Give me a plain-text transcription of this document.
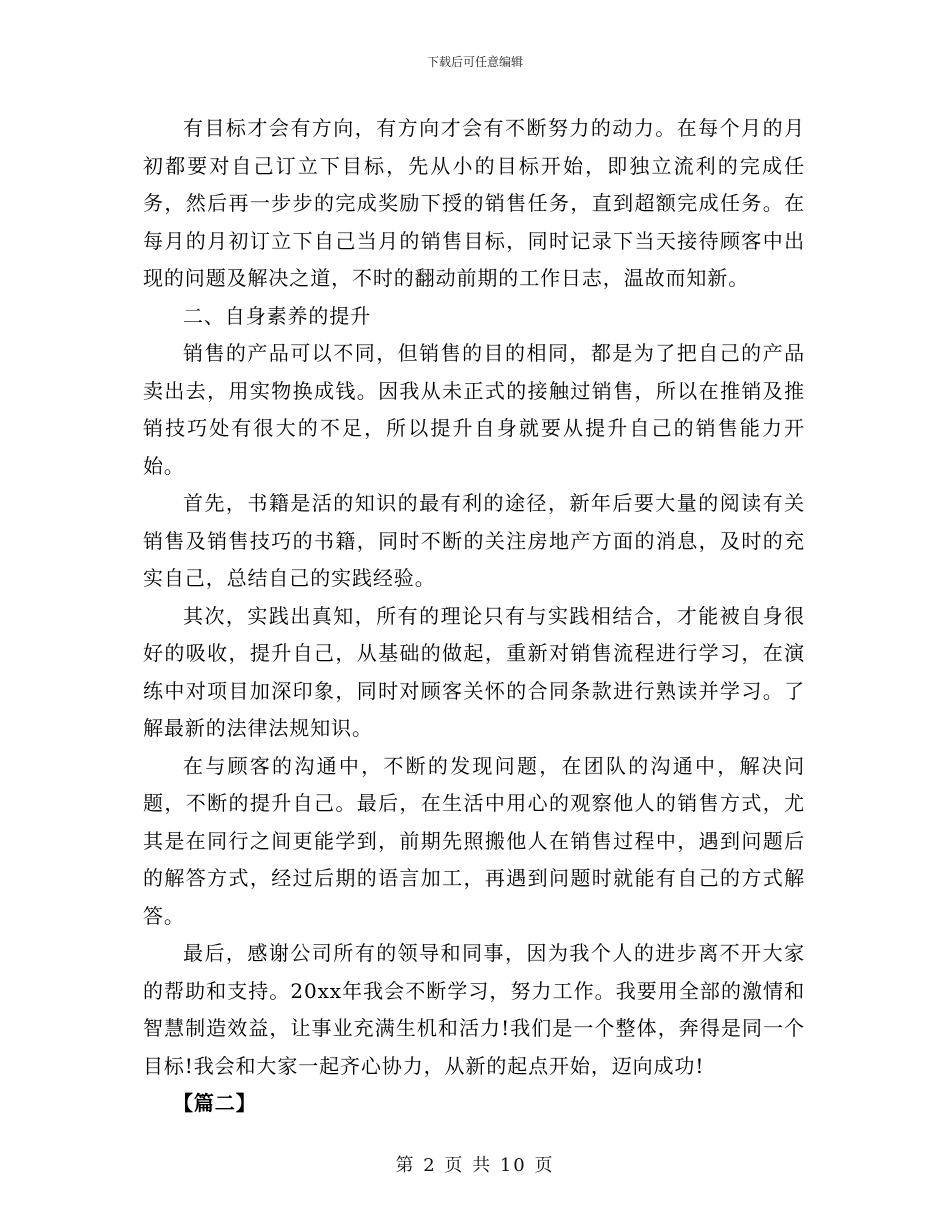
下载后可任意编辑

有目标才会有方向，有方向才会有不断努力的动力。在每个月的月初都要对自己订立下目标，先从小的目标开始，即独立流利的完成任务，然后再一步步的完成奖励下授的销售任务，直到超额完成任务。在每月的月初订立下自己当月的销售目标，同时记录下当天接待顾客中出现的问题及解决之道，不时的翻动前期的工作日志，温故而知新。

二、自身素养的提升

销售的产品可以不同，但销售的目的相同，都是为了把自己的产品卖出去，用实物换成钱。因我从未正式的接触过销售，所以在推销及推销技巧处有很大的不足，所以提升自身就要从提升自己的销售能力开始。

首先，书籍是活的知识的最有利的途径，新年后要大量的阅读有关销售及销售技巧的书籍，同时不断的关注房地产方面的消息，及时的充实自己，总结自己的实践经验。

其次，实践出真知，所有的理论只有与实践相结合，才能被自身很好的吸收，提升自己，从基础的做起，重新对销售流程进行学习，在演练中对项目加深印象，同时对顾客关怀的合同条款进行熟读并学习。了解最新的法律法规知识。

在与顾客的沟通中，不断的发现问题，在团队的沟通中，解决问题，不断的提升自己。最后，在生活中用心的观察他人的销售方式，尤其是在同行之间更能学到，前期先照搬他人在销售过程中，遇到问题后的解答方式，经过后期的语言加工，再遇到问题时就能有自己的方式解答。

最后，感谢公司所有的领导和同事，因为我个人的进步离不开大家的帮助和支持。20xx年我会不断学习，努力工作。我要用全部的激情和智慧制造效益，让事业充满生机和活力!我们是一个整体，奔得是同一个目标!我会和大家一起齐心协力，从新的起点开始，迈向成功!

【篇二】

第 2 页 共 10 页
